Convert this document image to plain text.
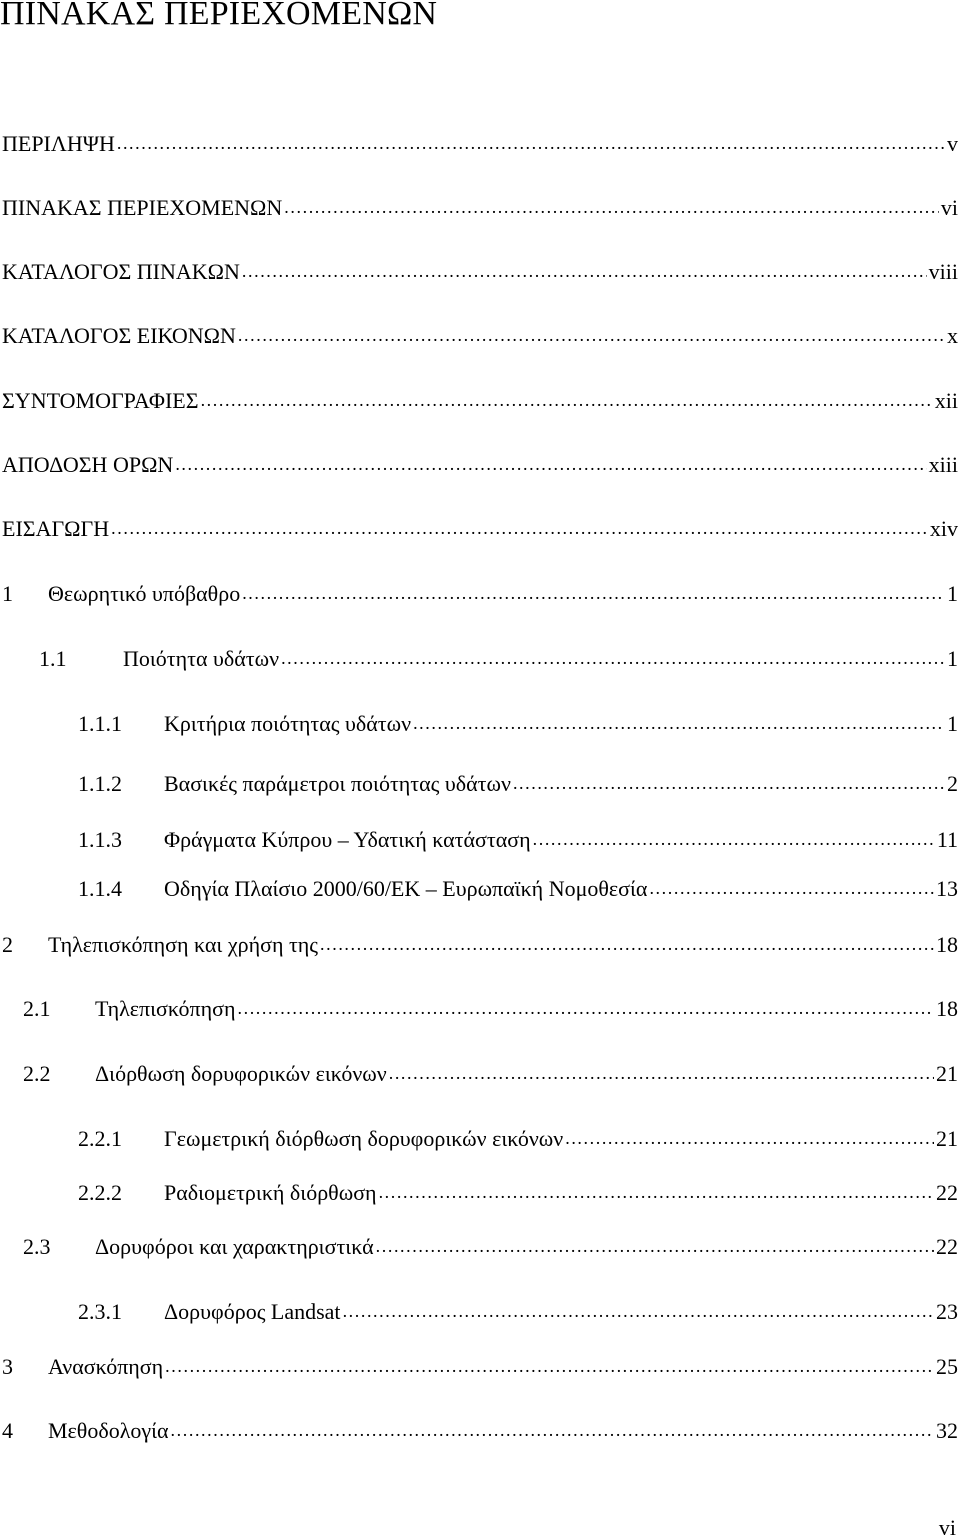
ΠΙΝΑΚΑΣ ΠΕΡΙΕΧΟΜΕΝΩΝ
ΠΕΡΙΛΗΨΗ .....	v
ΠΙΝΑΚΑΣ ΠΕΡΙΕΧΟΜΕΝΩΝ .....	vi
ΚΑΤΑΛΟΓΟΣ ΠΙΝΑΚΩΝ .....	viii
ΚΑΤΑΛΟΓΟΣ ΕΙΚΟΝΩΝ .....	x
ΣΥΝΤΟΜΟΓΡΑΦΙΕΣ .....	xii
ΑΠΟΔΟΣΗ ΟΡΩΝ .....	xiii
ΕΙΣΑΓΩΓΗ .....	xiv
1	Θεωρητικό υπόβαθρο .....	1
1.1	Ποιότητα υδάτων .....	1
1.1.1	Κριτήρια ποιότητας υδάτων .....	1
1.1.2	Βασικές παράμετροι ποιότητας υδάτων .....	2
1.1.3	Φράγματα Κύπρου – Υδατική κατάσταση .....	11
1.1.4	Οδηγία Πλαίσιο 2000/60/ΕΚ – Ευρωπαϊκή Νομοθεσία .....	13
2	Τηλεπισκόπηση και χρήση της .....	18
2.1	Τηλεπισκόπηση .....	18
2.2	Διόρθωση δορυφορικών εικόνων .....	21
2.2.1	Γεωμετρική διόρθωση δορυφορικών εικόνων .....	21
2.2.2	Ραδιομετρική διόρθωση .....	22
2.3	Δορυφόροι και χαρακτηριστικά .....	22
2.3.1	Δορυφόρος Landsat .....	23
3	Ανασκόπηση .....	25
4	Μεθοδολογία .....	32
vi
